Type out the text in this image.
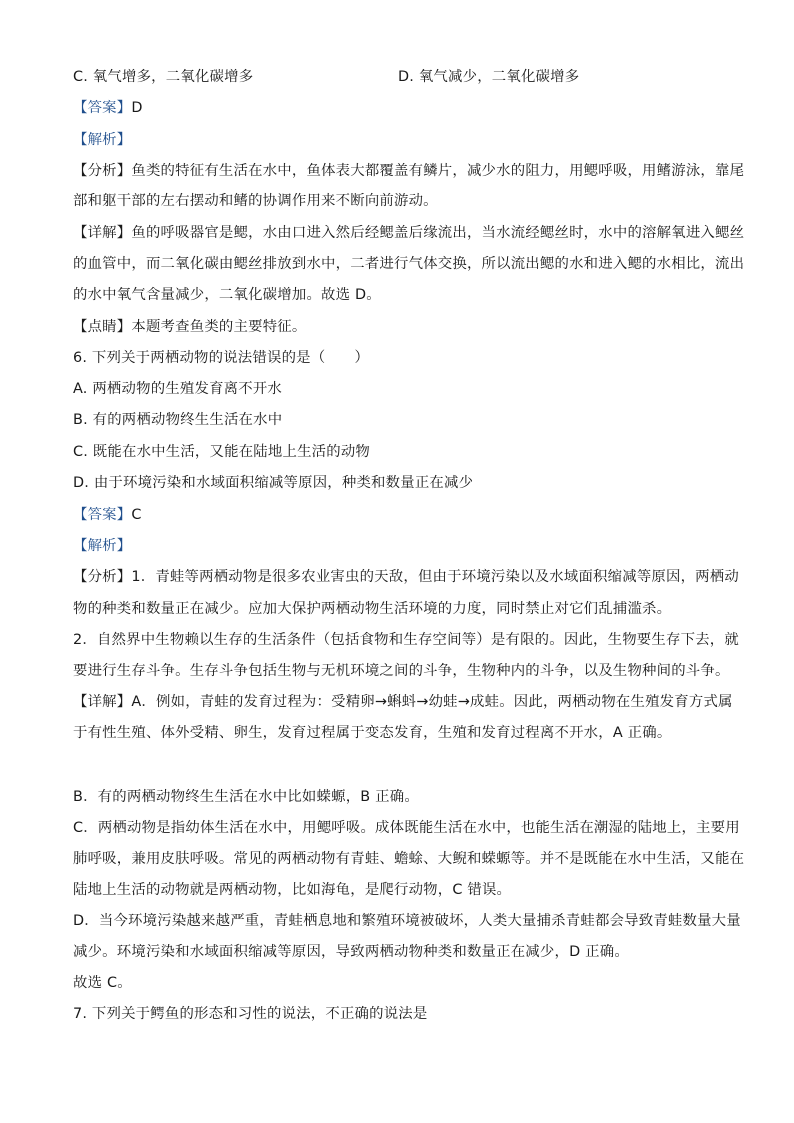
C. 氧气增多，二氧化碳增多	D. 氧气减少，二氧化碳增多
【答案】D
【解析】
【分析】鱼类的特征有生活在水中，鱼体表大都覆盖有鳞片，减少水的阻力，用鳃呼吸，用鳍游泳，靠尾
部和躯干部的左右摆动和鳍的协调作用来不断向前游动。
【详解】鱼的呼吸器官是鳃，水由口进入然后经鳃盖后缘流出，当水流经鳃丝时，水中的溶解氧进入鳃丝
的血管中，而二氧化碳由鳃丝排放到水中，二者进行气体交换，所以流出鳃的水和进入鳃的水相比，流出
的水中氧气含量减少，二氧化碳增加。故选 D。
【点睛】本题考查鱼类的主要特征。
6. 下列关于两栖动物的说法错误的是（　　）
A. 两栖动物的生殖发育离不开水
B. 有的两栖动物终生生活在水中
C. 既能在水中生活，又能在陆地上生活的动物
D. 由于环境污染和水域面积缩减等原因，种类和数量正在减少
【答案】C
【解析】
【分析】1．青蛙等两栖动物是很多农业害虫的天敌，但由于环境污染以及水域面积缩减等原因，两栖动
物的种类和数量正在减少。应加大保护两栖动物生活环境的力度，同时禁止对它们乱捕滥杀。
2．自然界中生物赖以生存的生活条件（包括食物和生存空间等）是有限的。因此，生物要生存下去，就
要进行生存斗争。生存斗争包括生物与无机环境之间的斗争，生物种内的斗争，以及生物种间的斗争。
【详解】A．例如，青蛙的发育过程为：受精卵→蝌蚪→幼蛙→成蛙。因此，两栖动物在生殖发育方式属
于有性生殖、体外受精、卵生，发育过程属于变态发育，生殖和发育过程离不开水，A 正确。
B．有的两栖动物终生生活在水中比如蝾螈，B 正确。
C．两栖动物是指幼体生活在水中，用鳃呼吸。成体既能生活在水中，也能生活在潮湿的陆地上，主要用
肺呼吸，兼用皮肤呼吸。常见的两栖动物有青蛙、蟾蜍、大鲵和蝾螈等。并不是既能在水中生活，又能在
陆地上生活的动物就是两栖动物，比如海龟，是爬行动物，C 错误。
D．当今环境污染越来越严重，青蛙栖息地和繁殖环境被破坏，人类大量捕杀青蛙都会导致青蛙数量大量
减少。环境污染和水域面积缩减等原因，导致两栖动物种类和数量正在减少，D 正确。
故选 C。
7. 下列关于鳄鱼的形态和习性的说法，不正确的说法是
